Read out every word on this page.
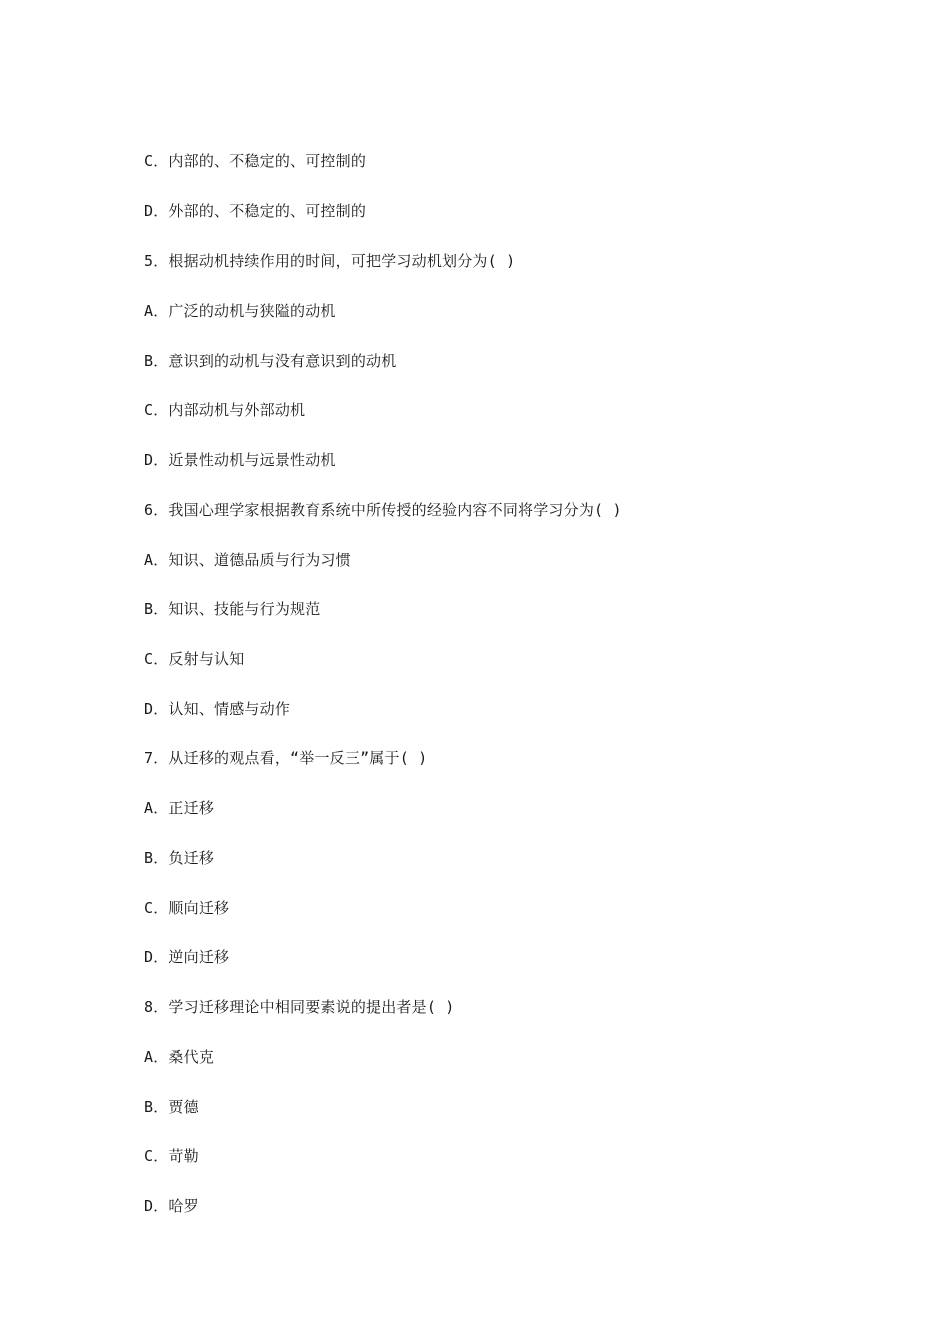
C．内部的、不稳定的、可控制的
D．外部的、不稳定的、可控制的
5．根据动机持续作用的时间，可把学习动机划分为( )
A．广泛的动机与狭隘的动机
B．意识到的动机与没有意识到的动机
C．内部动机与外部动机
D．近景性动机与远景性动机
6．我国心理学家根据教育系统中所传授的经验内容不同将学习分为( )
A．知识、道德品质与行为习惯
B．知识、技能与行为规范
C．反射与认知
D．认知、情感与动作
7．从迁移的观点看，“举一反三”属于( )
A．正迁移
B．负迁移
C．顺向迁移
D．逆向迁移
8．学习迁移理论中相同要素说的提出者是( )
A．桑代克
B．贾德
C．苛勒
D．哈罗
